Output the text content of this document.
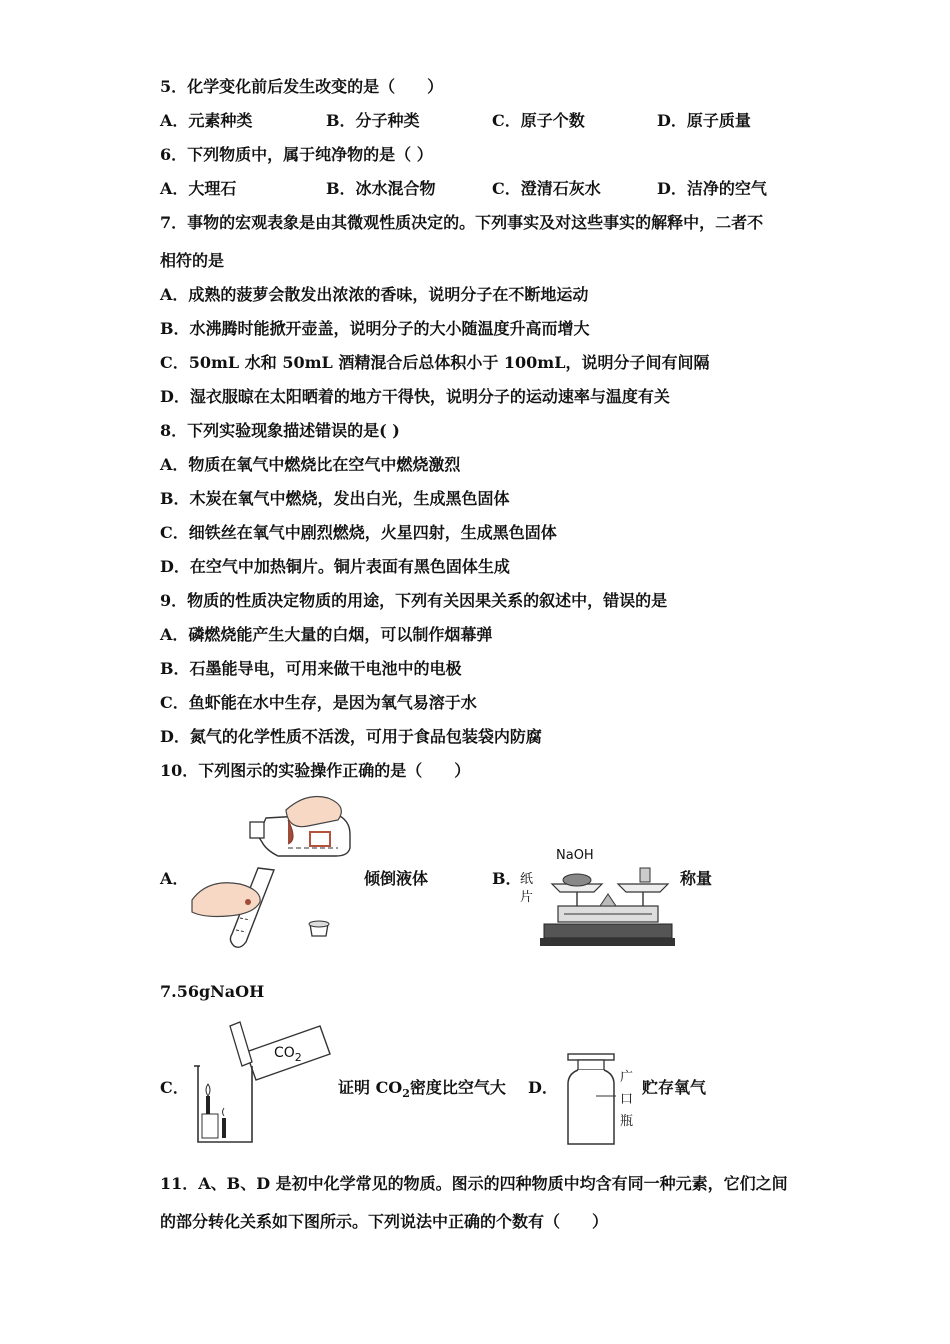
5．化学变化前后发生改变的是（　　）
A．元素种类	B．分子种类	C．原子个数	D．原子质量
6．下列物质中，属于纯净物的是（ ）
A．大理石	B．冰水混合物	C．澄清石灰水	D．洁净的空气
7．事物的宏观表象是由其微观性质决定的。下列事实及对这些事实的解释中，二者不
相符的是
A．成熟的菠萝会散发出浓浓的香味，说明分子在不断地运动
B．水沸腾时能掀开壶盖，说明分子的大小随温度升高而增大
C．50mL 水和 50mL 酒精混合后总体积小于 100mL，说明分子间有间隔
D．湿衣服晾在太阳晒着的地方干得快，说明分子的运动速率与温度有关
8．下列实验现象描述错误的是( )
A．物质在氧气中燃烧比在空气中燃烧激烈
B．木炭在氧气中燃烧，发出白光，生成黑色固体
C．细铁丝在氧气中剧烈燃烧，火星四射，生成黑色固体
D．在空气中加热铜片。铜片表面有黑色固体生成
9．物质的性质决定物质的用途，下列有关因果关系的叙述中，错误的是
A．磷燃烧能产生大量的白烟，可以制作烟幕弹
B．石墨能导电，可用来做干电池中的电极
C．鱼虾能在水中生存，是因为氧气易溶于水
D．氮气的化学性质不活泼，可用于食品包装袋内防腐
10．下列图示的实验操作正确的是（　　）
A．	倾倒液体	B．
NaOH
纸
片
称量
7.56gNaOH
C．
$CO_2$
证明 $CO_2$密度比空气大 D．
广
口
瓶
贮存氧气
11．A、B、D 是初中化学常见的物质。图示的四种物质中均含有同一种元素，它们之间
的部分转化关系如下图所示。下列说法中正确的个数有（　　）
